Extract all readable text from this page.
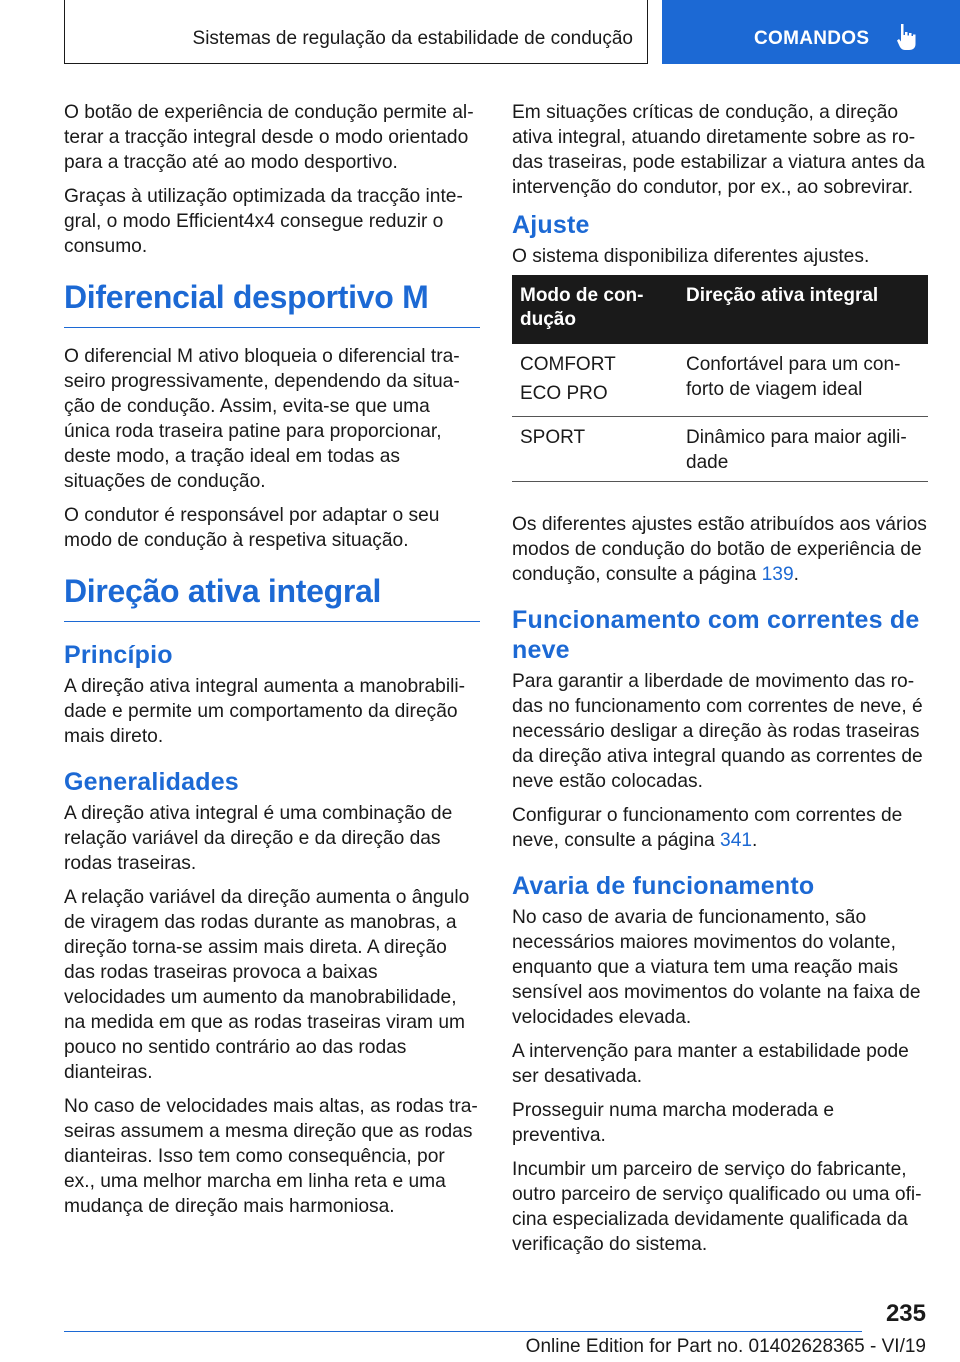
Sistemas de regulação da estabilidade de condução	COMANDOS

O botão de experiência de condução permite alterar a tracção integral desde o modo orientado para a tracção até ao modo desportivo.

Graças à utilização optimizada da tracção integral, o modo Efficient4x4 consegue reduzir o consumo.

Diferencial desportivo M

O diferencial M ativo bloqueia o diferencial traseiro progressivamente, dependendo da situação de condução. Assim, evita-se que uma única roda traseira patine para proporcionar, deste modo, a tração ideal em todas as situações de condução.

O condutor é responsável por adaptar o seu modo de condução à respetiva situação.

Direção ativa integral
Princípio

A direção ativa integral aumenta a manobrabilidade e permite um comportamento da direção mais direto.

Generalidades

A direção ativa integral é uma combinação de relação variável da direção e da direção das rodas traseiras.

A relação variável da direção aumenta o ângulo de viragem das rodas durante as manobras, a direção torna-se assim mais direta. A direção das rodas traseiras provoca a baixas velocidades um aumento da manobrabilidade, na medida em que as rodas traseiras viram um pouco no sentido contrário ao das rodas dianteiras.

No caso de velocidades mais altas, as rodas traseiras assumem a mesma direção que as rodas dianteiras. Isso tem como consequência, por ex., uma melhor marcha em linha reta e uma mudança de direção mais harmoniosa.

Em situações críticas de condução, a direção ativa integral, atuando diretamente sobre as rodas traseiras, pode estabilizar a viatura antes da intervenção do condutor, por ex., ao sobrevirar.

Ajuste

O sistema disponibiliza diferentes ajustes.

Modo de condução	Direção ativa integral

COMFORT
ECO PRO	Confortável para um conforto de viagem ideal

SPORT	Dinâmico para maior agilidade

Os diferentes ajustes estão atribuídos aos vários modos de condução do botão de experiência de condução, consulte a página 139.

Funcionamento com correntes de neve

Para garantir a liberdade de movimento das rodas no funcionamento com correntes de neve, é necessário desligar a direção às rodas traseiras da direção ativa integral quando as correntes de neve estão colocadas.

Configurar o funcionamento com correntes de neve, consulte a página 341.

Avaria de funcionamento

No caso de avaria de funcionamento, são necessários maiores movimentos do volante, enquanto que a viatura tem uma reação mais sensível aos movimentos do volante na faixa de velocidades elevada.

A intervenção para manter a estabilidade pode ser desativada.

Prosseguir numa marcha moderada e preventiva.

Incumbir um parceiro de serviço do fabricante, outro parceiro de serviço qualificado ou uma oficina especializada devidamente qualificada da verificação do sistema.

235
Online Edition for Part no. 01402628365 - VI/19
